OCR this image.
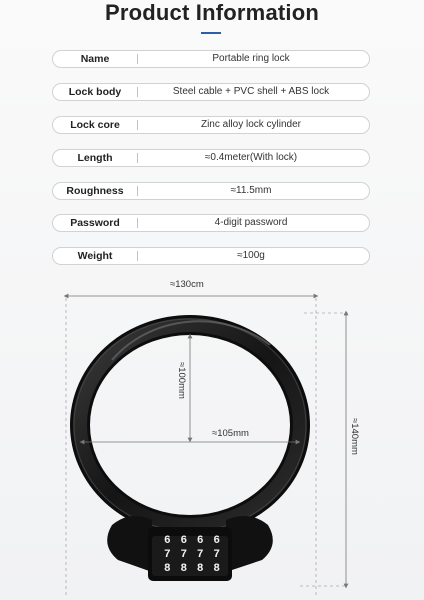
Product Information
Name	Portable ring lock
Lock body	Steel cable + PVC shell + ABS lock
Lock core	Zinc alloy lock cylinder
Length	≈0.4meter(With lock)
Roughness	≈11.5mm
Password	4-digit password
Weight	≈100g
6 6 6 6
7 7 7 7
8 8 8 8
≈130cm
≈100mm
≈105mm	≈140mm
